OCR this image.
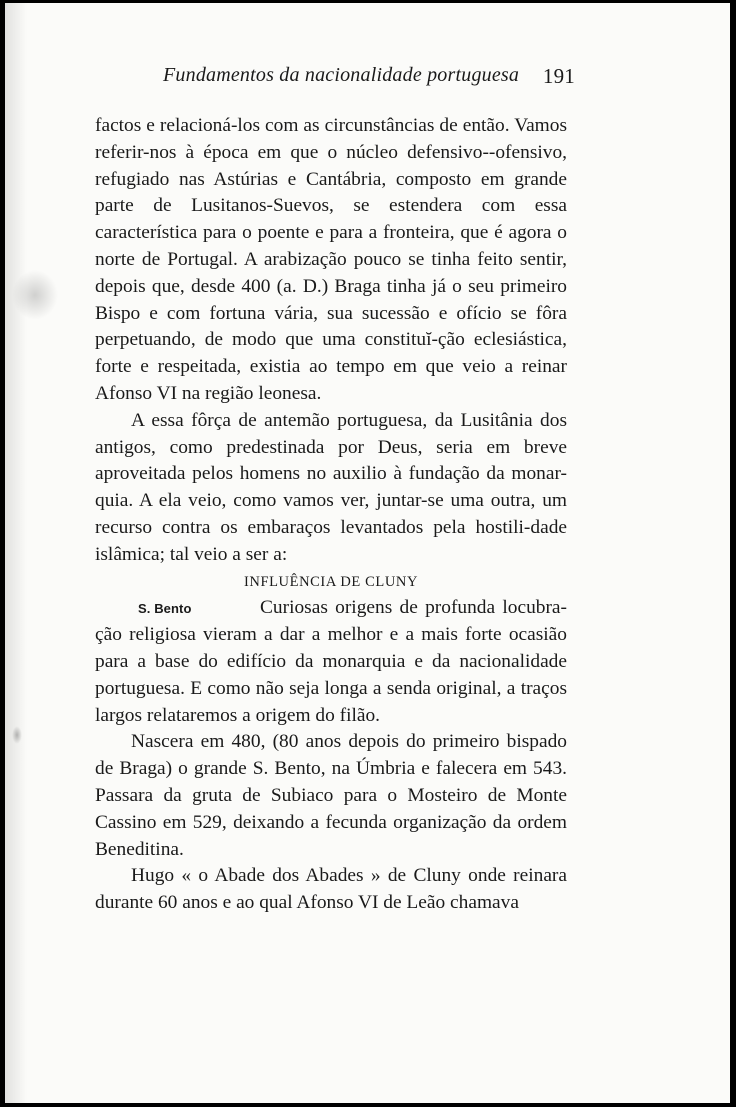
Fundamentos da nacionalidade portuguesa 191

factos e relacioná-los com as circunstâncias de então. Vamos referir-nos à época em que o núcleo defensivo--ofensivo, refugiado nas Astúrias e Cantábria, composto em grande parte de Lusitanos-Suevos, se estendera com essa característica para o poente e para a fronteira, que é agora o norte de Portugal. A arabização pouco se tinha feito sentir, depois que, desde 400 (a. D.) Braga tinha já o seu primeiro Bispo e com fortuna vária, sua sucessão e ofício se fôra perpetuando, de modo que uma constituĭ-ção eclesiástica, forte e respeitada, existia ao tempo em que veio a reinar Afonso VI na região leonesa.

A essa fôrça de antemão portuguesa, da Lusitânia dos antigos, como predestinada por Deus, seria em breve aproveitada pelos homens no auxilio à fundação da monar-quia. A ela veio, como vamos ver, juntar-se uma outra, um recurso contra os embaraços levantados pela hostili-dade islâmica; tal veio a ser a:

INFLUÊNCIA DE CLUNY

S. Bento	Curiosas origens de profunda locubra-ção religiosa vieram a dar a melhor e a mais forte ocasião para a base do edifício da monarquia e da nacionalidade portuguesa. E como não seja longa a senda original, a traços largos relataremos a origem do filão.

Nascera em 480, (80 anos depois do primeiro bispado de Braga) o grande S. Bento, na Úmbria e falecera em 543. Passara da gruta de Subiaco para o Mosteiro de Monte Cassino em 529, deixando a fecunda organização da ordem Beneditina.

Hugo « o Abade dos Abades » de Cluny onde reinara durante 60 anos e ao qual Afonso VI de Leão chamava
